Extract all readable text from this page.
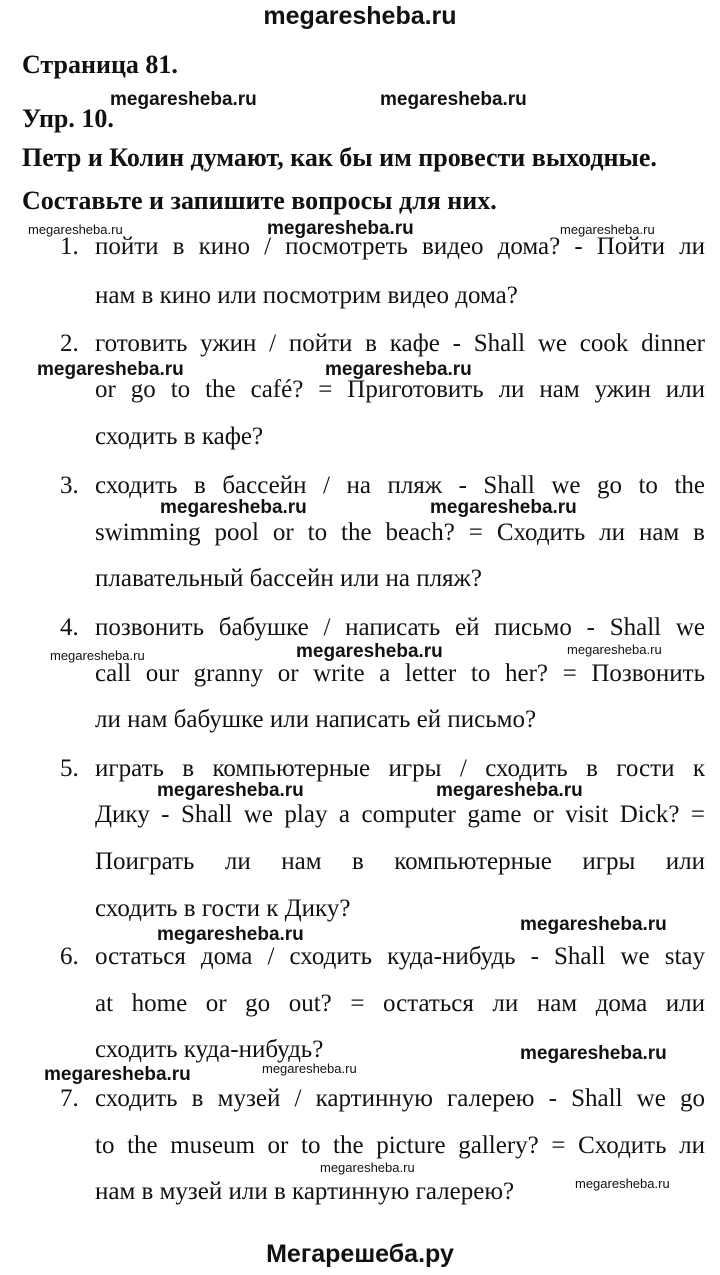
megaresheba.ru
Страница 81.
Упр. 10.
Петр и Колин думают, как бы им провести выходные.
Составьте и запишите вопросы для них.
1. пойти в кино / посмотреть видео дома? - Пойти ли
нам в кино или посмотрим видео дома?
2. готовить ужин / пойти в кафе - Shall we cook dinner
or go to the café? = Приготовить ли нам ужин или
сходить в кафе?
3. сходить в бассейн / на пляж - Shall we go to the
swimming pool or to the beach? = Сходить ли нам в
плавательный бассейн или на пляж?
4. позвонить бабушке / написать ей письмо - Shall we
call our granny or write a letter to her? = Позвонить
ли нам бабушке или написать ей письмо?
5. играть в компьютерные игры / сходить в гости к
Дику - Shall we play a computer game or visit Dick? =
Поиграть ли нам в компьютерные игры или
сходить в гости к Дику?
6. остаться дома / сходить куда-нибудь - Shall we stay
at home or go out? = остаться ли нам дома или
сходить куда-нибудь?
7. сходить в музей / картинную галерею - Shall we go
to the museum or to the picture gallery? = Сходить ли
нам в музей или в картинную галерею?
megaresheba.ru	megaresheba.ru
megaresheba.ru	megaresheba.ru	megaresheba.ru
megaresheba.ru	megaresheba.ru
megaresheba.ru	megaresheba.ru
megaresheba.ru	megaresheba.ru	megaresheba.ru
megaresheba.ru	megaresheba.ru
megaresheba.ru
megaresheba.ru
megaresheba.ru
megaresheba.ru	megaresheba.ru
megaresheba.ru
megaresheba.ru
Мегарешеба.ру
